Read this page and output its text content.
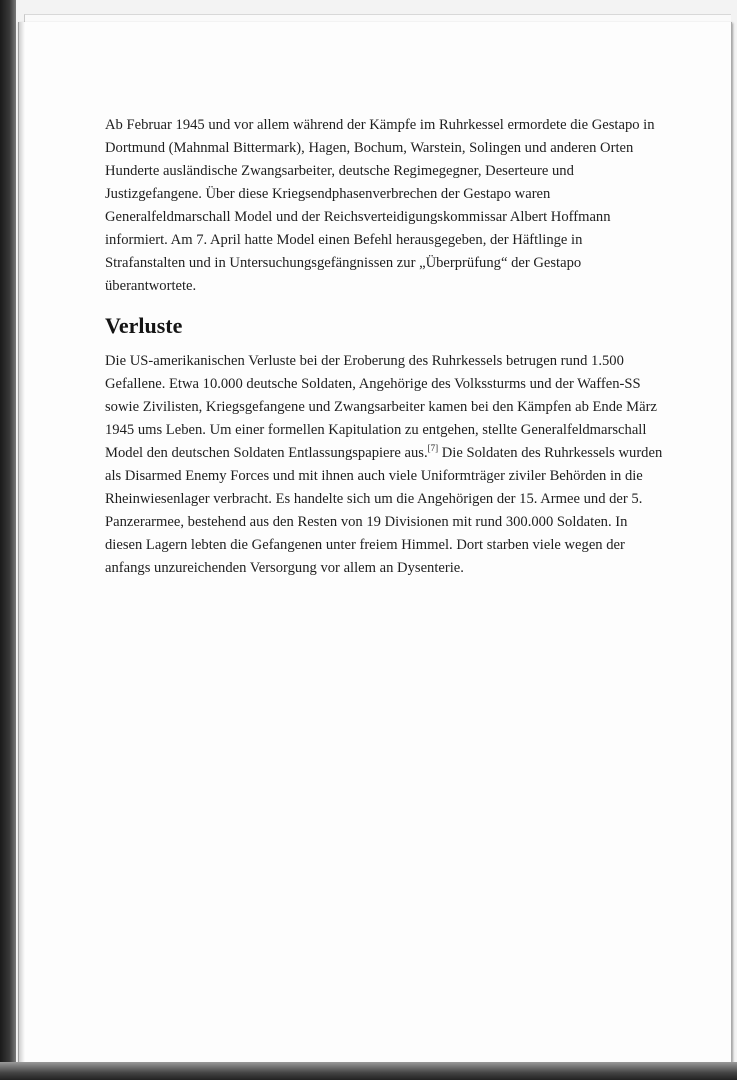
Ab Februar 1945 und vor allem während der Kämpfe im Ruhrkessel ermordete die Gestapo in Dortmund (Mahnmal Bittermark), Hagen, Bochum, Warstein, Solingen und anderen Orten Hunderte ausländische Zwangsarbeiter, deutsche Regimegegner, Deserteure und Justizgefangene. Über diese Kriegsendphasenverbrechen der Gestapo waren Generalfeldmarschall Model und der Reichsverteidigungskommissar Albert Hoffmann informiert. Am 7. April hatte Model einen Befehl herausgegeben, der Häftlinge in Strafanstalten und in Untersuchungsgefängnissen zur „Überprüfung“ der Gestapo überantwortete.

Verluste

Die US-amerikanischen Verluste bei der Eroberung des Ruhrkessels betrugen rund 1.500 Gefallene. Etwa 10.000 deutsche Soldaten, Angehörige des Volkssturms und der Waffen-SS sowie Zivilisten, Kriegsgefangene und Zwangsarbeiter kamen bei den Kämpfen ab Ende März 1945 ums Leben. Um einer formellen Kapitulation zu entgehen, stellte Generalfeldmarschall Model den deutschen Soldaten Entlassungspapiere aus.[7] Die Soldaten des Ruhrkessels wurden als Disarmed Enemy Forces und mit ihnen auch viele Uniformträger ziviler Behörden in die Rheinwiesenlager verbracht. Es handelte sich um die Angehörigen der 15. Armee und der 5. Panzerarmee, bestehend aus den Resten von 19 Divisionen mit rund 300.000 Soldaten. In diesen Lagern lebten die Gefangenen unter freiem Himmel. Dort starben viele wegen der anfangs unzureichenden Versorgung vor allem an Dysenterie.
